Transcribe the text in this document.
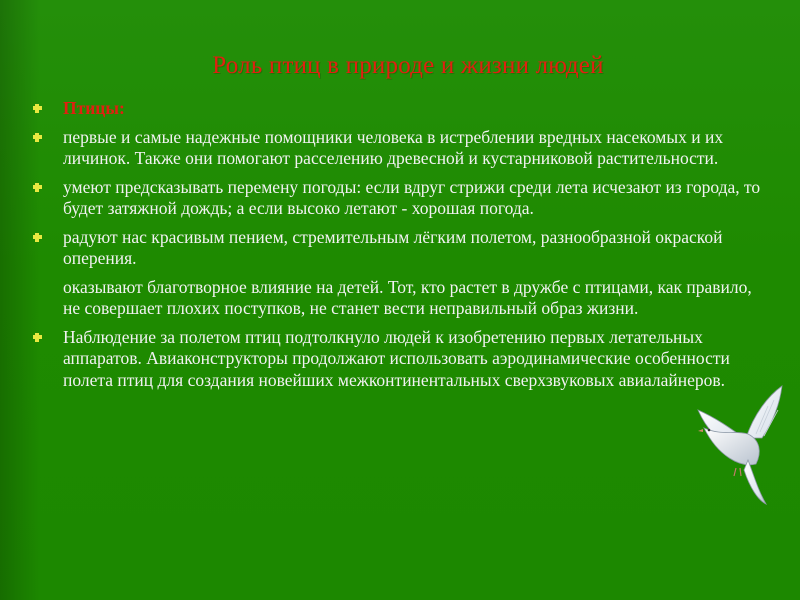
Роль птиц в природе и жизни людей
Птицы:
первые и самые надежные помощники человека в истреблении вредных насекомых и их личинок. Также они помогают расселению древесной и кустарниковой растительности.
умеют предсказывать перемену погоды: если вдруг стрижи среди лета исчезают из города, то будет затяжной дождь; а если высоко летают - хорошая погода.
радуют нас красивым пением, стремительным лёгким полетом, разнообразной окраской оперения.
оказывают благотворное влияние на детей. Тот, кто растет в дружбе с птицами, как правило, не совершает плохих поступков, не станет вести неправильный образ жизни.
Наблюдение за полетом птиц подтолкнуло людей к изобретению первых летательных аппаратов. Авиаконструкторы продолжают использовать аэродинамические особенности полета птиц для создания новейших межконтинентальных сверхзвуковых авиалайнеров.
